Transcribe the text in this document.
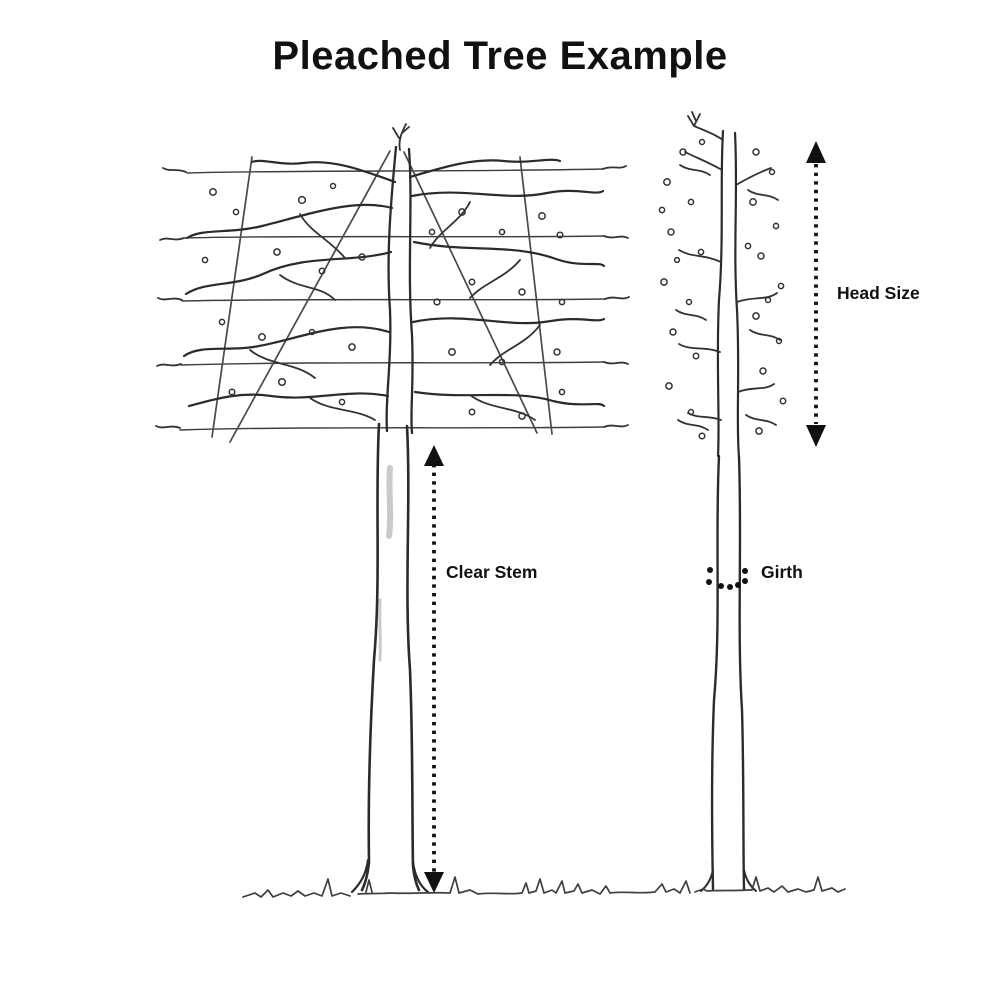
Pleached Tree Example
Head Size
Clear Stem	Girth
